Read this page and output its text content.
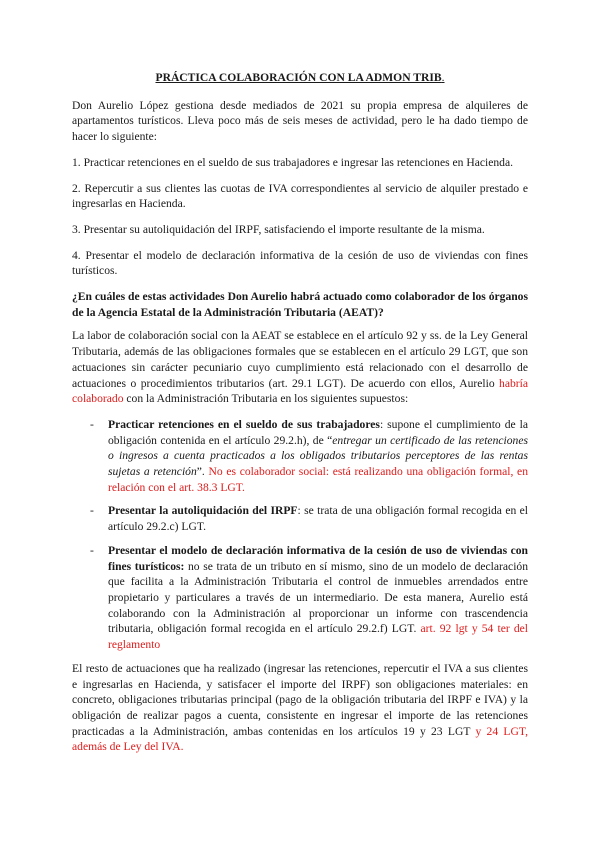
PRÁCTICA COLABORACIÓN CON LA ADMON TRIB.

Don Aurelio López gestiona desde mediados de 2021 su propia empresa de alquileres de apartamentos turísticos. Lleva poco más de seis meses de actividad, pero le ha dado tiempo de hacer lo siguiente:

1. Practicar retenciones en el sueldo de sus trabajadores e ingresar las retenciones en Hacienda.

2. Repercutir a sus clientes las cuotas de IVA correspondientes al servicio de alquiler prestado e ingresarlas en Hacienda.

3. Presentar su autoliquidación del IRPF, satisfaciendo el importe resultante de la misma.

4. Presentar el modelo de declaración informativa de la cesión de uso de viviendas con fines turísticos.

¿En cuáles de estas actividades Don Aurelio habrá actuado como colaborador de los órganos de la Agencia Estatal de la Administración Tributaria (AEAT)?

La labor de colaboración social con la AEAT se establece en el artículo 92 y ss. de la Ley General Tributaria, además de las obligaciones formales que se establecen en el artículo 29 LGT, que son actuaciones sin carácter pecuniario cuyo cumplimiento está relacionado con el desarrollo de actuaciones o procedimientos tributarios (art. 29.1 LGT). De acuerdo con ellos, Aurelio habría colaborado con la Administración Tributaria en los siguientes supuestos:

- Practicar retenciones en el sueldo de sus trabajadores: supone el cumplimiento de la obligación contenida en el artículo 29.2.h), de “entregar un certificado de las retenciones o ingresos a cuenta practicados a los obligados tributarios perceptores de las rentas sujetas a retención”. No es colaborador social: está realizando una obligación formal, en relación con el art. 38.3 LGT.
- Presentar la autoliquidación del IRPF: se trata de una obligación formal recogida en el artículo 29.2.c) LGT.
- Presentar el modelo de declaración informativa de la cesión de uso de viviendas con fines turísticos: no se trata de un tributo en sí mismo, sino de un modelo de declaración que facilita a la Administración Tributaria el control de inmuebles arrendados entre propietario y particulares a través de un intermediario. De esta manera, Aurelio está colaborando con la Administración al proporcionar un informe con trascendencia tributaria, obligación formal recogida en el artículo 29.2.f) LGT. art. 92 lgt y 54 ter del reglamento

El resto de actuaciones que ha realizado (ingresar las retenciones, repercutir el IVA a sus clientes e ingresarlas en Hacienda, y satisfacer el importe del IRPF) son obligaciones materiales: en concreto, obligaciones tributarias principal (pago de la obligación tributaria del IRPF e IVA) y la obligación de realizar pagos a cuenta, consistente en ingresar el importe de las retenciones practicadas a la Administración, ambas contenidas en los artículos 19 y 23 LGT y 24 LGT, además de Ley del IVA.
